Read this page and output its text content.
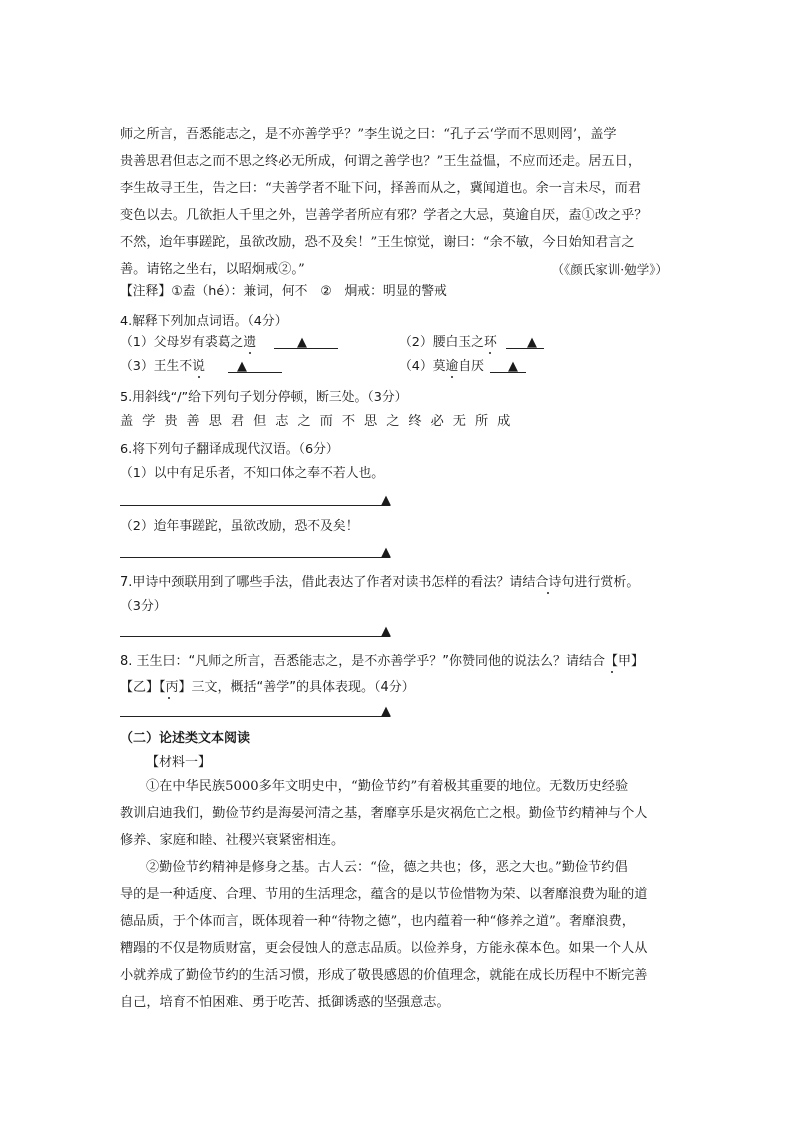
师之所言，吾悉能志之，是不亦善学乎？”李生说之曰：“孔子云‘学而不思则罔’，盖学
贵善思君但志之而不思之终必无所成，何谓之善学也？”王生益愠，不应而还走。居五日，
李生故寻王生，告之曰：“夫善学者不耻下问，择善而从之，冀闻道也。余一言未尽，而君
变色以去。几欲拒人千里之外，岂善学者所应有邪？学者之大忌，莫逾自厌，盍①改之乎？
不然，迨年事蹉跎，虽欲改励，恐不及矣！”王生惊觉，谢曰：“余不敏，今日始知君言之
善。请铭之坐右，以昭炯戒②。”	（《颜氏家训·勉学》）
【注释】①盍（hé）：兼词，何不　②　炯戒：明显的警戒
4.解释下列加点词语。（4分）
（1）父母岁有裘葛之遗	▲	（2）腰白玉之环 ▲
（3）王生不说 ▲	（4）莫逾自厌 ▲
5.用斜线“/”给下列句子划分停顿，断三处。（3分）
盖学贵善思君但志之而不思之终必无所成
6.将下列句子翻译成现代汉语。（6分）
（1）以中有足乐者，不知口体之奉不若人也。
▲
（2）迨年事蹉跎，虽欲改励，恐不及矣！
▲
7.甲诗中颈联用到了哪些手法，借此表达了作者对读书怎样的看法？请结合诗句进行赏析。
（3分）
▲
8. 王生曰：“凡师之所言，吾悉能志之，是不亦善学乎？”你赞同他的说法么？请结合【甲】
【乙】【丙】三文，概括“善学”的具体表现。（4分）
▲
（二）论述类文本阅读
【材料一】
①在中华民族5000多年文明史中，“勤俭节约”有着极其重要的地位。无数历史经验
教训启迪我们，勤俭节约是海晏河清之基，奢靡享乐是灾祸危亡之根。勤俭节约精神与个人
修养、家庭和睦、社稷兴衰紧密相连。
②勤俭节约精神是修身之基。古人云：“俭，德之共也；侈，恶之大也。”勤俭节约倡
导的是一种适度、合理、节用的生活理念，蕴含的是以节俭惜物为荣、以奢靡浪费为耻的道
德品质，于个体而言，既体现着一种“待物之德”，也内蕴着一种“修养之道”。奢靡浪费，
糟蹋的不仅是物质财富，更会侵蚀人的意志品质。以俭养身，方能永葆本色。如果一个人从
小就养成了勤俭节约的生活习惯，形成了敬畏感恩的价值理念，就能在成长历程中不断完善
自己，培育不怕困难、勇于吃苦、抵御诱惑的坚强意志。
